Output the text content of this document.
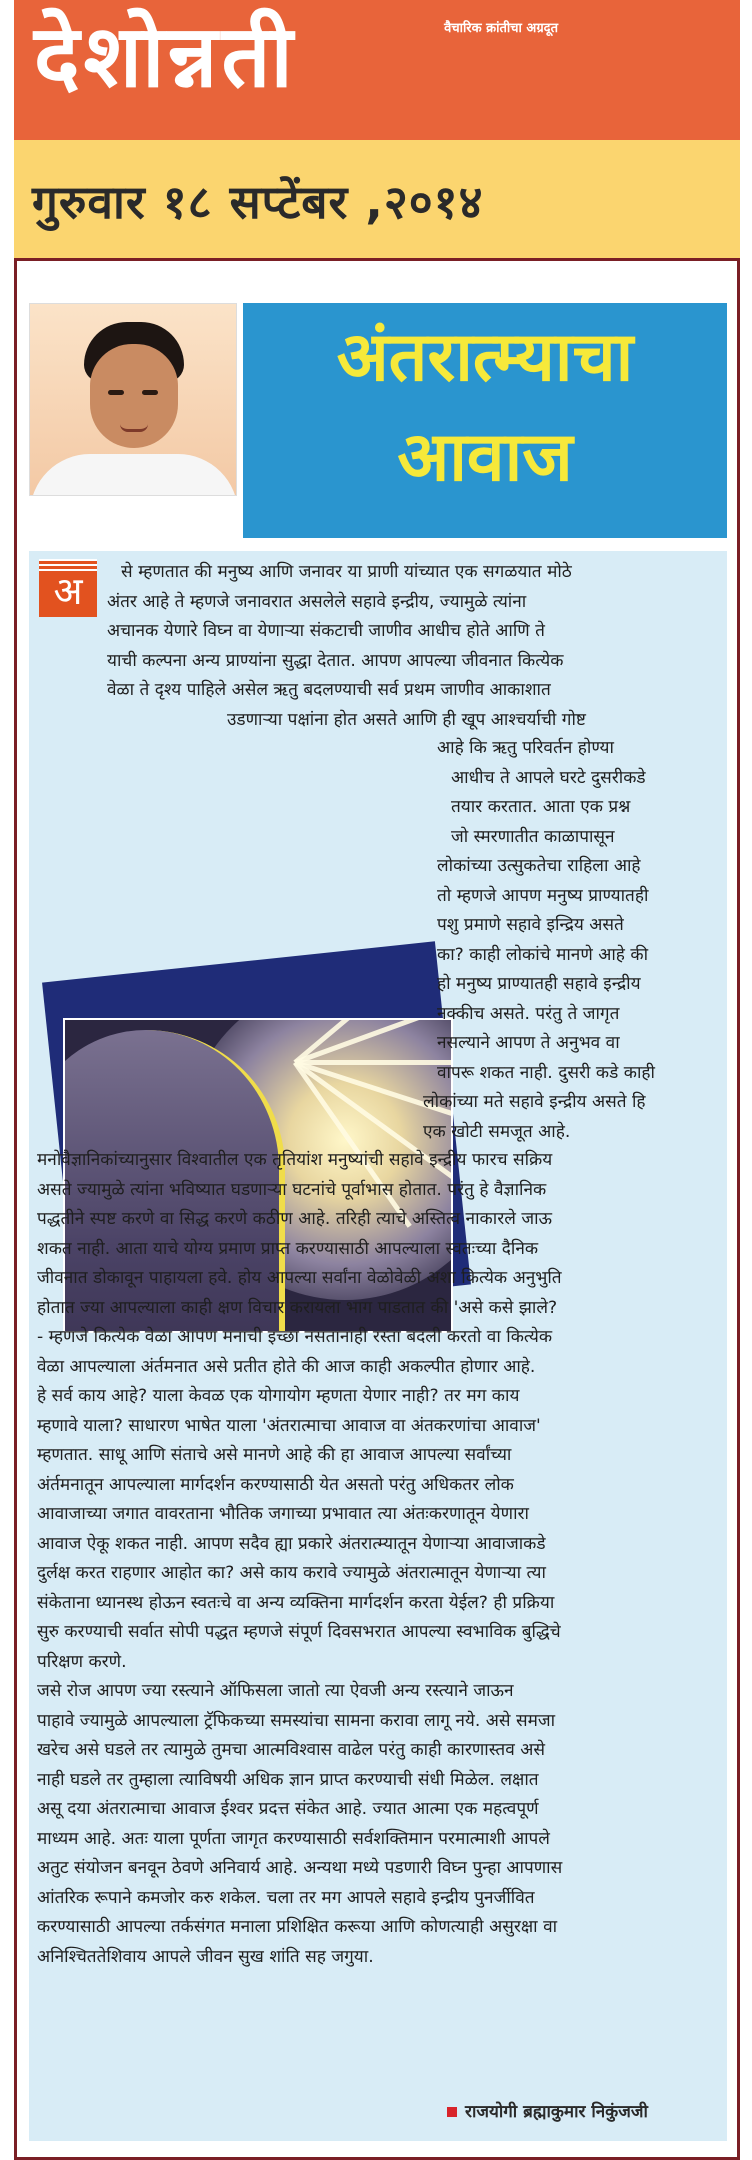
देशोन्नती	वैचारिक क्रांतीचा अग्रदूत
गुरुवार १८ सप्टेंबर ,२०१४
अंतरात्म्याचा
आवाज
अ	से म्हणतात की मनुष्य आणि जनावर या प्राणी यांच्यात एक सगळयात मोठे
अंतर आहे ते म्हणजे जनावरात असलेले सहावे इन्द्रीय, ज्यामुळे त्यांना
अचानक येणारे विघ्न वा येणाऱ्या संकटाची जाणीव आधीच होते आणि ते
याची कल्पना अन्य प्राण्यांना सुद्धा देतात. आपण आपल्या जीवनात कित्येक
वेळा ते दृश्य पाहिले असेल ऋतु बदलण्याची सर्व प्रथम जाणीव आकाशात
उडणाऱ्या पक्षांना होत असते आणि ही खूप आश्चर्याची गोष्ट
आहे कि ऋतु परिवर्तन होण्या
आधीच ते आपले घरटे दुसरीकडे
तयार करतात. आता एक प्रश्न
जो स्मरणातीत काळापासून
लोकांच्या उत्सुकतेचा राहिला आहे
तो म्हणजे आपण मनुष्य प्राण्यातही
पशु प्रमाणे सहावे इन्द्रिय असते
का? काही लोकांचे मानणे आहे की
हो मनुष्य प्राण्यातही सहावे इन्द्रीय
नक्कीच असते. परंतु ते जागृत
नसल्याने आपण ते अनुभव वा
वापरू शकत नाही. दुसरी कडे काही
लोकांच्या मते सहावे इन्द्रीय असते हि
एक खोटी समजूत आहे.
मनोवैज्ञानिकांच्यानुसार विश्वातील एक तृतियांश मनुष्यांची सहावे इन्द्रीय फारच सक्रिय
असते ज्यामुळे त्यांना भविष्यात घडणाऱ्या घटनांचे पूर्वाभास होतात. परंतु हे वैज्ञानिक
पद्धतीने स्पष्ट करणे वा सिद्ध करणे कठीण आहे. तरिही त्याचे अस्तित्व नाकारले जाऊ
शकत नाही. आता याचे योग्य प्रमाण प्राप्त करण्यासाठी आपल्याला स्वतःच्या दैनिक
जीवनात डोकावून पाहायला हवे. होय आपल्या सर्वांना वेळोवेळी अशा कित्येक अनुभुति
होतात ज्या आपल्याला काही क्षण विचार करायला भाग पाडतात की 'असे कसे झाले?
- म्हणजे कित्येक वेळा आपण मनाची इच्छा नसतानाही रस्ता बदली करतो वा कित्येक
वेळा आपल्याला अंर्तमनात असे प्रतीत होते की आज काही अकल्पीत होणार आहे.
हे सर्व काय आहे? याला केवळ एक योगायोग म्हणता येणार नाही? तर मग काय
म्हणावे याला? साधारण भाषेत याला 'अंतरात्माचा आवाज वा अंतकरणांचा आवाज'
म्हणतात. साधू आणि संताचे असे मानणे आहे की हा आवाज आपल्या सर्वांच्या
अंर्तमनातून आपल्याला मार्गदर्शन करण्यासाठी येत असतो परंतु अधिकतर लोक
आवाजाच्या जगात वावरताना भौतिक जगाच्या प्रभावात त्या अंतःकरणातून येणारा
आवाज ऐकू शकत नाही. आपण सदैव ह्या प्रकारे अंतरात्म्यातून येणाऱ्या आवाजाकडे
दुर्लक्ष करत राहणार आहोत का? असे काय करावे ज्यामुळे अंतरात्मातून येणाऱ्या त्या
संकेताना ध्यानस्थ होऊन स्वतःचे वा अन्य व्यक्तिना मार्गदर्शन करता येईल? ही प्रक्रिया
सुरु करण्याची सर्वात सोपी पद्धत म्हणजे संपूर्ण दिवसभरात आपल्या स्वभाविक बुद्धिचे
परिक्षण करणे.
जसे रोज आपण ज्या रस्त्याने ऑफिसला जातो त्या ऐवजी अन्य रस्त्याने जाऊन
पाहावे ज्यामुळे आपल्याला ट्रॅफिकच्या समस्यांचा सामना करावा लागू नये. असे समजा
खरेच असे घडले तर त्यामुळे तुमचा आत्मविश्वास वाढेल परंतु काही कारणास्तव असे
नाही घडले तर तुम्हाला त्याविषयी अधिक ज्ञान प्राप्त करण्याची संधी मिळेल. लक्षात
असू दया अंतरात्माचा आवाज ईश्वर प्रदत्त संकेत आहे. ज्यात आत्मा एक महत्वपूर्ण
माध्यम आहे. अतः याला पूर्णता जागृत करण्यासाठी सर्वशक्तिमान परमात्माशी आपले
अतुट संयोजन बनवून ठेवणे अनिवार्य आहे. अन्यथा मध्ये पडणारी विघ्न पुन्हा आपणास
आंतरिक रूपाने कमजोर करु शकेल. चला तर मग आपले सहावे इन्द्रीय पुनर्जीवित
करण्यासाठी आपल्या तर्कसंगत मनाला प्रशिक्षित करूया आणि कोणत्याही असुरक्षा वा
अनिश्चिततेशिवाय आपले जीवन सुख शांति सह जगुया.
राजयोगी ब्रह्माकुमार निकुंजजी
